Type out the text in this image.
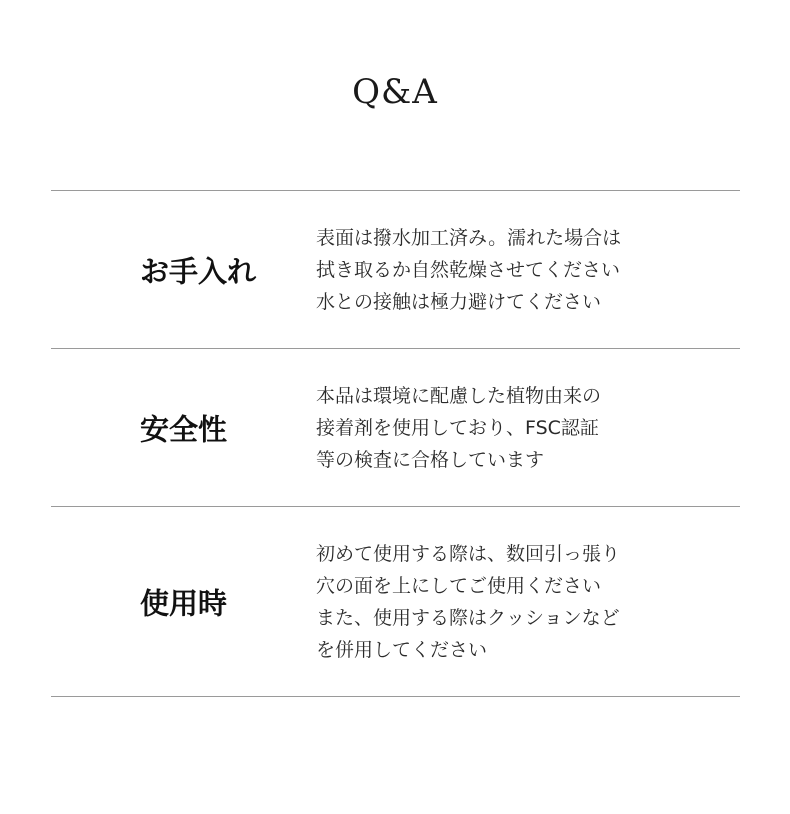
Q&A
お手入れ
表面は撥水加工済み。濡れた場合は
拭き取るか自然乾燥させてください
水との接触は極力避けてください
安全性
本品は環境に配慮した植物由来の
接着剤を使用しており、FSC認証
等の検査に合格しています
使用時
初めて使用する際は、数回引っ張り
穴の面を上にしてご使用ください
また、使用する際はクッションなど
を併用してください
